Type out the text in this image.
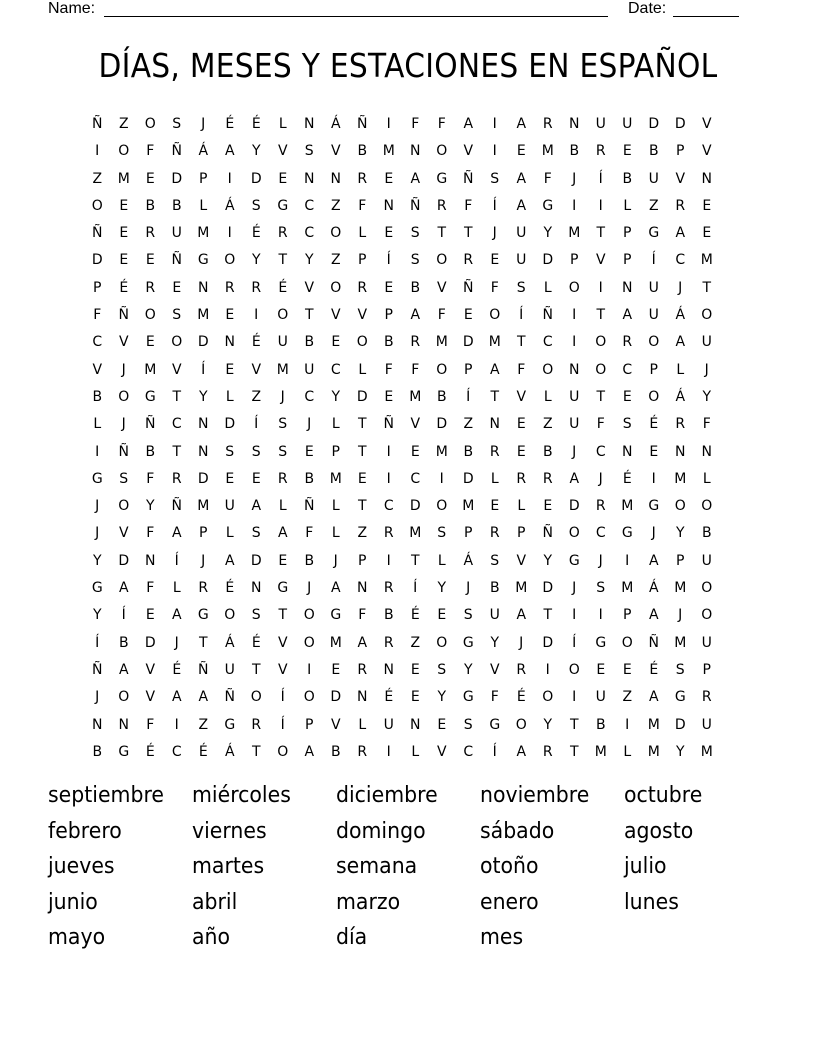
Name:	Date:
DÍAS, MESES Y ESTACIONES EN ESPAÑOL
Ñ	Z	O	S	J	É	É	L	N	Á	Ñ	I	F	F	A	I	A	R	N	U	U	D	D	V
I	O	F	Ñ	Á	A	Y	V	S	V	B	M	N	O	V	I	E	M	B	R	E	B	P	V
Z	M	E	D	P	I	D	E	N	N	R	E	A	G	Ñ	S	A	F	J	Í	B	U	V	N
O	E	B	B	L	Á	S	G	C	Z	F	N	Ñ	R	F	Í	A	G	I	I	L	Z	R	E
Ñ	E	R	U	M	I	É	R	C	O	L	E	S	T	T	J	U	Y	M	T	P	G	A	E
D	E	E	Ñ	G	O	Y	T	Y	Z	P	Í	S	O	R	E	U	D	P	V	P	Í	C	M
P	É	R	E	N	R	R	É	V	O	R	E	B	V	Ñ	F	S	L	O	I	N	U	J	T
F	Ñ	O	S	M	E	I	O	T	V	V	P	A	F	E	O	Í	Ñ	I	T	A	U	Á	O
C	V	E	O	D	N	É	U	B	E	O	B	R	M	D	M	T	C	I	O	R	O	A	U
V	J	M	V	Í	E	V	M	U	C	L	F	F	O	P	A	F	O	N	O	C	P	L	J
B	O	G	T	Y	L	Z	J	C	Y	D	E	M	B	Í	T	V	L	U	T	E	O	Á	Y
L	J	Ñ	C	N	D	Í	S	J	L	T	Ñ	V	D	Z	N	E	Z	U	F	S	É	R	F
I	Ñ	B	T	N	S	S	S	E	P	T	I	E	M	B	R	E	B	J	C	N	E	N	N
G	S	F	R	D	E	E	R	B	M	E	I	C	I	D	L	R	R	A	J	É	I	M	L
J	O	Y	Ñ	M	U	A	L	Ñ	L	T	C	D	O	M	E	L	E	D	R	M	G	O	O
J	V	F	A	P	L	S	A	F	L	Z	R	M	S	P	R	P	Ñ	O	C	G	J	Y	B
Y	D	N	Í	J	A	D	E	B	J	P	I	T	L	Á	S	V	Y	G	J	I	A	P	U
G	A	F	L	R	É	N	G	J	A	N	R	Í	Y	J	B	M	D	J	S	M	Á	M	O
Y	Í	E	A	G	O	S	T	O	G	F	B	É	E	S	U	A	T	I	I	P	A	J	O
Í	B	D	J	T	Á	É	V	O	M	A	R	Z	O	G	Y	J	D	Í	G	O	Ñ	M	U
Ñ	A	V	É	Ñ	U	T	V	I	E	R	N	E	S	Y	V	R	I	O	E	E	É	S	P
J	O	V	A	A	Ñ	O	Í	O	D	N	É	E	Y	G	F	É	O	I	U	Z	A	G	R
N	N	F	I	Z	G	R	Í	P	V	L	U	N	E	S	G	O	Y	T	B	I	M	D	U
B	G	É	C	É	Á	T	O	A	B	R	I	L	V	C	Í	A	R	T	M	L	M	Y	M
septiembre	miércoles	diciembre	noviembre	octubre
febrero	viernes	domingo	sábado	agosto
jueves	martes	semana	otoño	julio
junio	abril	marzo	enero	lunes
mayo	año	día	mes
